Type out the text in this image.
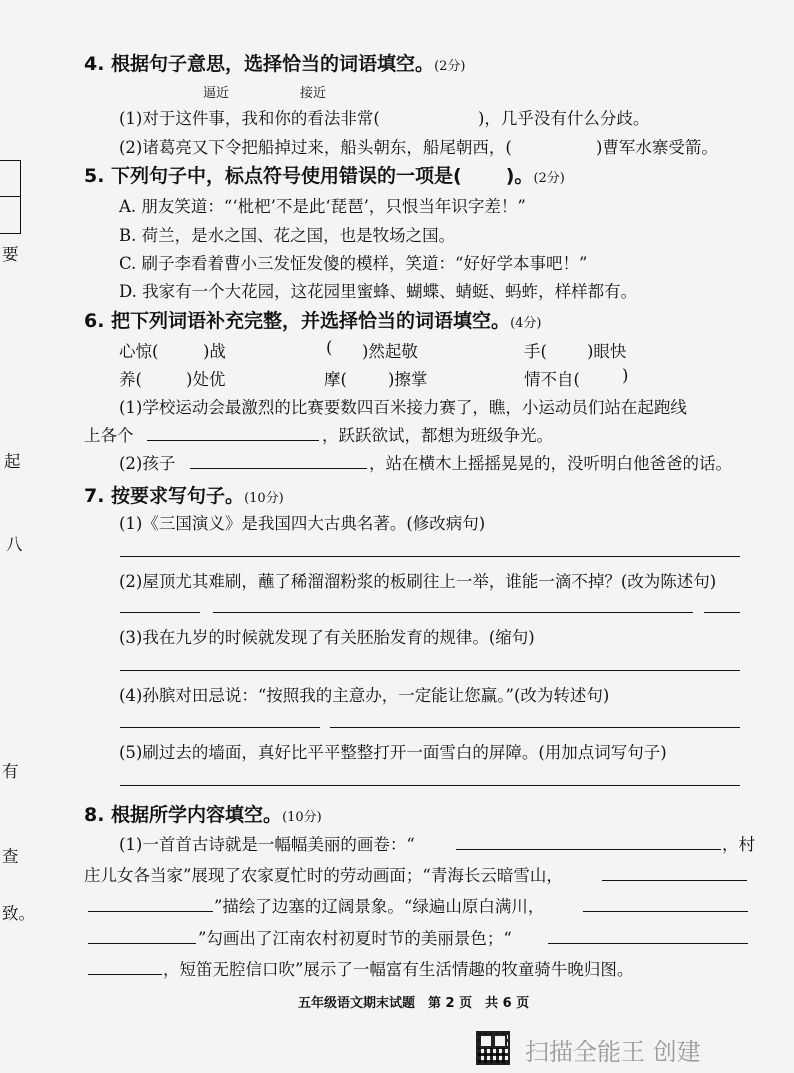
要
起
八
有
查
致。
4. 根据句子意思，选择恰当的词语填空。(2分)
逼近	接近
(1)对于这件事，我和你的看法非常(	)，几乎没有什么分歧。
(2)诸葛亮又下令把船掉过来，船头朝东，船尾朝西，(	)曹军水寨受箭。
5. 下列句子中，标点符号使用错误的一项是( )。(2分)
A. 朋友笑道：“‘枇杷’不是此‘琵琶’，只恨当年识字差！”
B. 荷兰，是水之国、花之国，也是牧场之国。
C. 刷子李看着曹小三发怔发傻的模样，笑道：“好好学本事吧！”
D. 我家有一个大花园，这花园里蜜蜂、蝴蝶、蜻蜓、蚂蚱，样样都有。
6. 把下列词语补充完整，并选择恰当的词语填空。(4分)
心惊(	)战	( )然起敬	手( )眼快
养(	)处优	摩( )擦掌	情不自(	)
(1)学校运动会最激烈的比赛要数四百米接力赛了，瞧，小运动员们站在起跑线
上各个	，跃跃欲试，都想为班级争光。
(2)孩子	，站在横木上摇摇晃晃的，没听明白他爸爸的话。
7. 按要求写句子。(10分)
(1)《三国演义》是我国四大古典名著。(修改病句)
(2)屋顶尤其难刷，蘸了稀溜溜粉浆的板刷往上一举，谁能一滴不掉？(改为陈述句)
(3)我在九岁的时候就发现了有关胚胎发育的规律。(缩句)
(4)孙膑对田忌说：“按照我的主意办，一定能让您赢。”(改为转述句)
(5)刷过去的墙面，真好比平平整整打开一面雪白的屏障。(用加点词写句子)
8. 根据所学内容填空。(10分)
(1)一首首古诗就是一幅幅美丽的画卷：“	，村
庄儿女各当家”展现了农家夏忙时的劳动画面；“青海长云暗雪山，
”描绘了边塞的辽阔景象。“绿遍山原白满川，
”勾画出了江南农村初夏时节的美丽景色；“
，短笛无腔信口吹”展示了一幅富有生活情趣的牧童骑牛晚归图。
五年级语文期末试题　第 2 页　共 6 页
扫描全能王 创建
